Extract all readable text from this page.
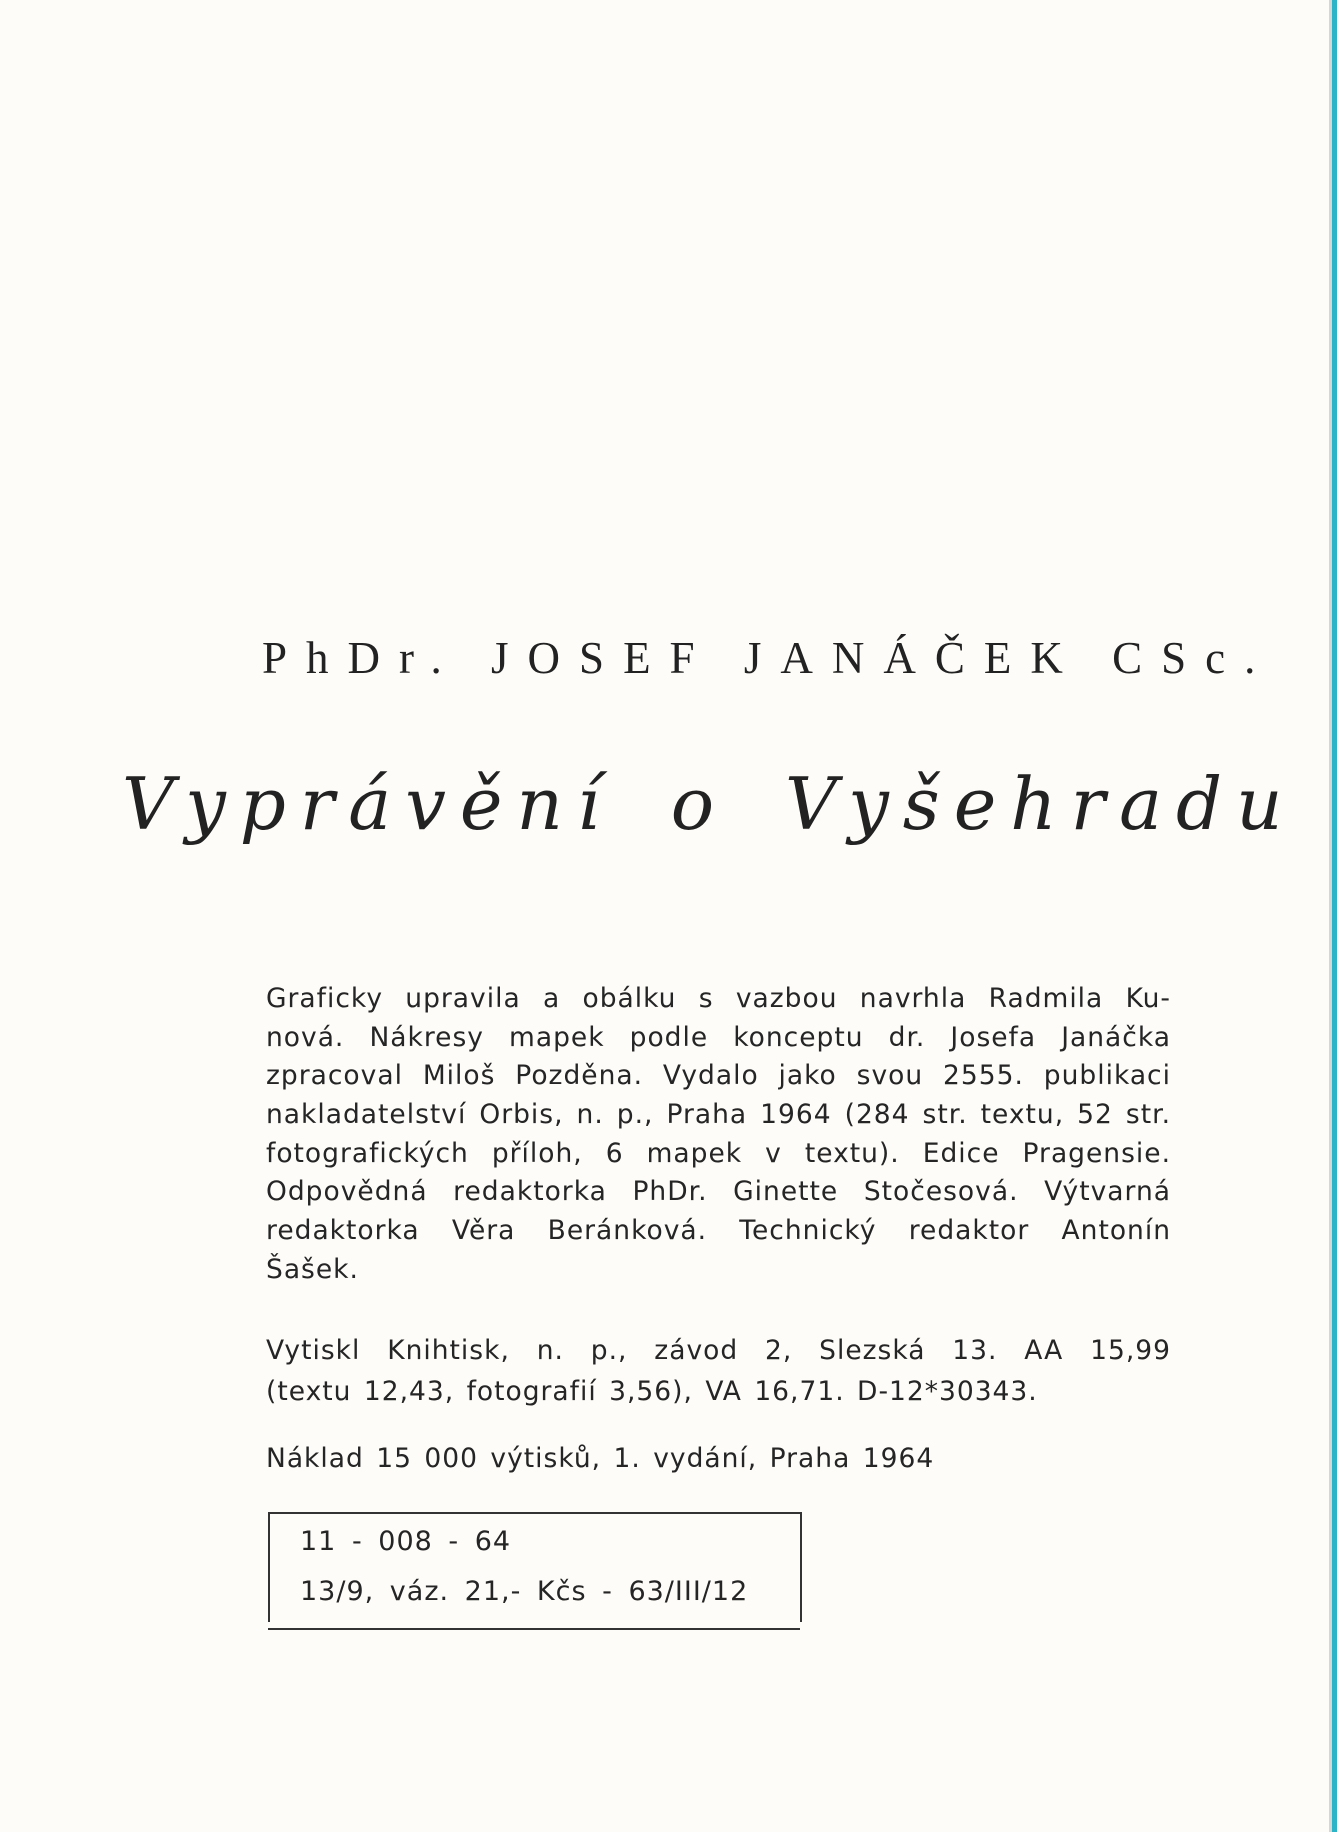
PhDr. JOSEF JANÁČEK CSc.
Vyprávění o Vyšehradu
Graficky upravila a obálku s vazbou navrhla Radmila Ku-
nová. Nákresy mapek podle konceptu dr. Josefa Janáčka
zpracoval Miloš Pozděna. Vydalo jako svou 2555. publikaci
nakladatelství Orbis, n. p., Praha 1964 (284 str. textu, 52 str.
fotografických příloh, 6 mapek v textu). Edice Pragensie.
Odpovědná redaktorka PhDr. Ginette Stočesová. Výtvarná
redaktorka Věra Beránková. Technický redaktor Antonín
Šašek.
Vytiskl Knihtisk, n. p., závod 2, Slezská 13. AA 15,99
(textu 12,43, fotografií 3,56), VA 16,71. D-12*30343.

Náklad 15 000 výtisků, 1. vydání, Praha 1964

11 - 008 - 64
13/9, váz. 21,- Kčs - 63/III/12
